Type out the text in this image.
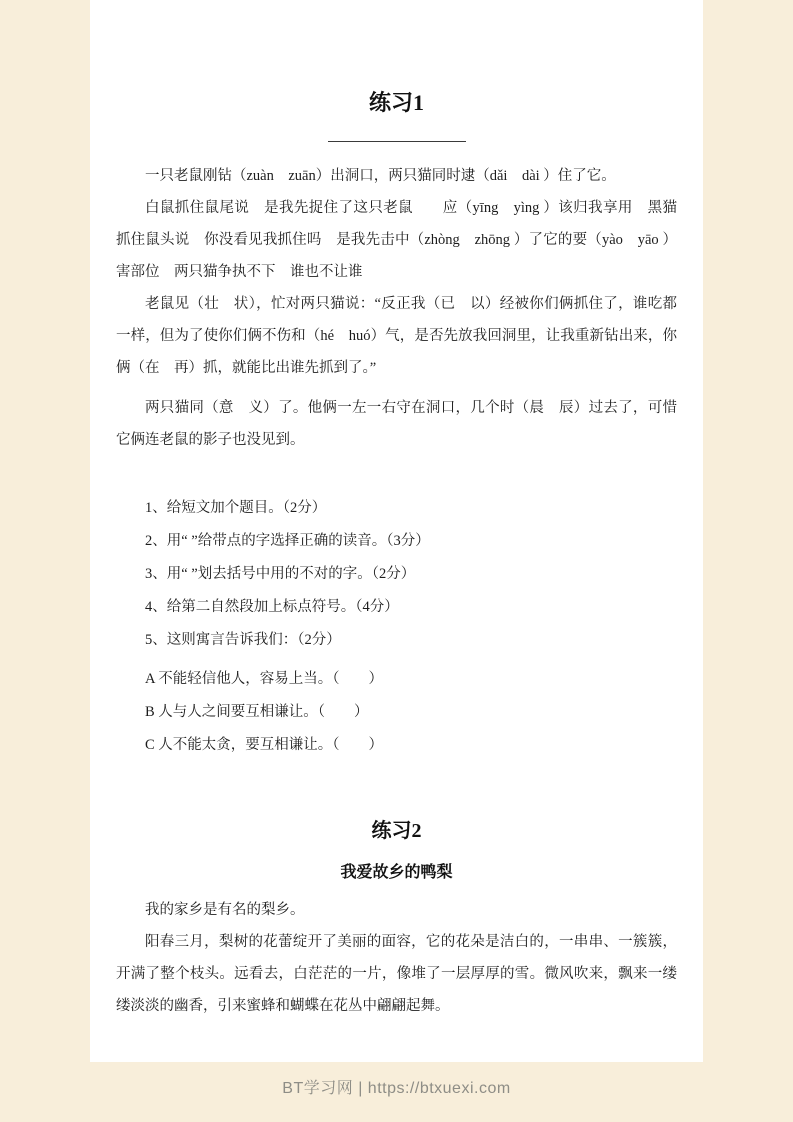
练习1

一只老鼠刚钻（zuàn　zuān）出洞口，两只猫同时逮（dǎi　dài ）住了它。

白鼠抓住鼠尾说　是我先捉住了这只老鼠　　应（yīng　yìng ）该归我享用　黑猫抓住鼠头说　你没看见我抓住吗　是我先击中（zhòng　zhōng ）了它的要（yào　yāo ）害部位　两只猫争执不下　谁也不让谁

老鼠见（壮　状），忙对两只猫说：“反正我（已　以）经被你们俩抓住了，谁吃都一样，但为了使你们俩不伤和（hé　huó）气，是否先放我回洞里，让我重新钻出来，你俩（在　再）抓，就能比出谁先抓到了。”

两只猫同（意　义）了。他俩一左一右守在洞口，几个时（晨　辰）过去了，可惜它俩连老鼠的影子也没见到。

1、给短文加个题目。（2分）

2、用“ ”给带点的字选择正确的读音。（3分）

3、用“ ”划去括号中用的不对的字。（2分）

4、给第二自然段加上标点符号。（4分）

5、这则寓言告诉我们：（2分）

A 不能轻信他人，容易上当。（　　）

B 人与人之间要互相谦让。（　　）

C 人不能太贪，要互相谦让。（　　）

练习2
我爱故乡的鸭梨

我的家乡是有名的梨乡。

阳春三月，梨树的花蕾绽开了美丽的面容，它的花朵是洁白的，一串串、一簇簇，开满了整个枝头。远看去，白茫茫的一片，像堆了一层厚厚的雪。微风吹来，飘来一缕缕淡淡的幽香，引来蜜蜂和蝴蝶在花丛中翩翩起舞。

BT学习网 | https://btxuexi.com
